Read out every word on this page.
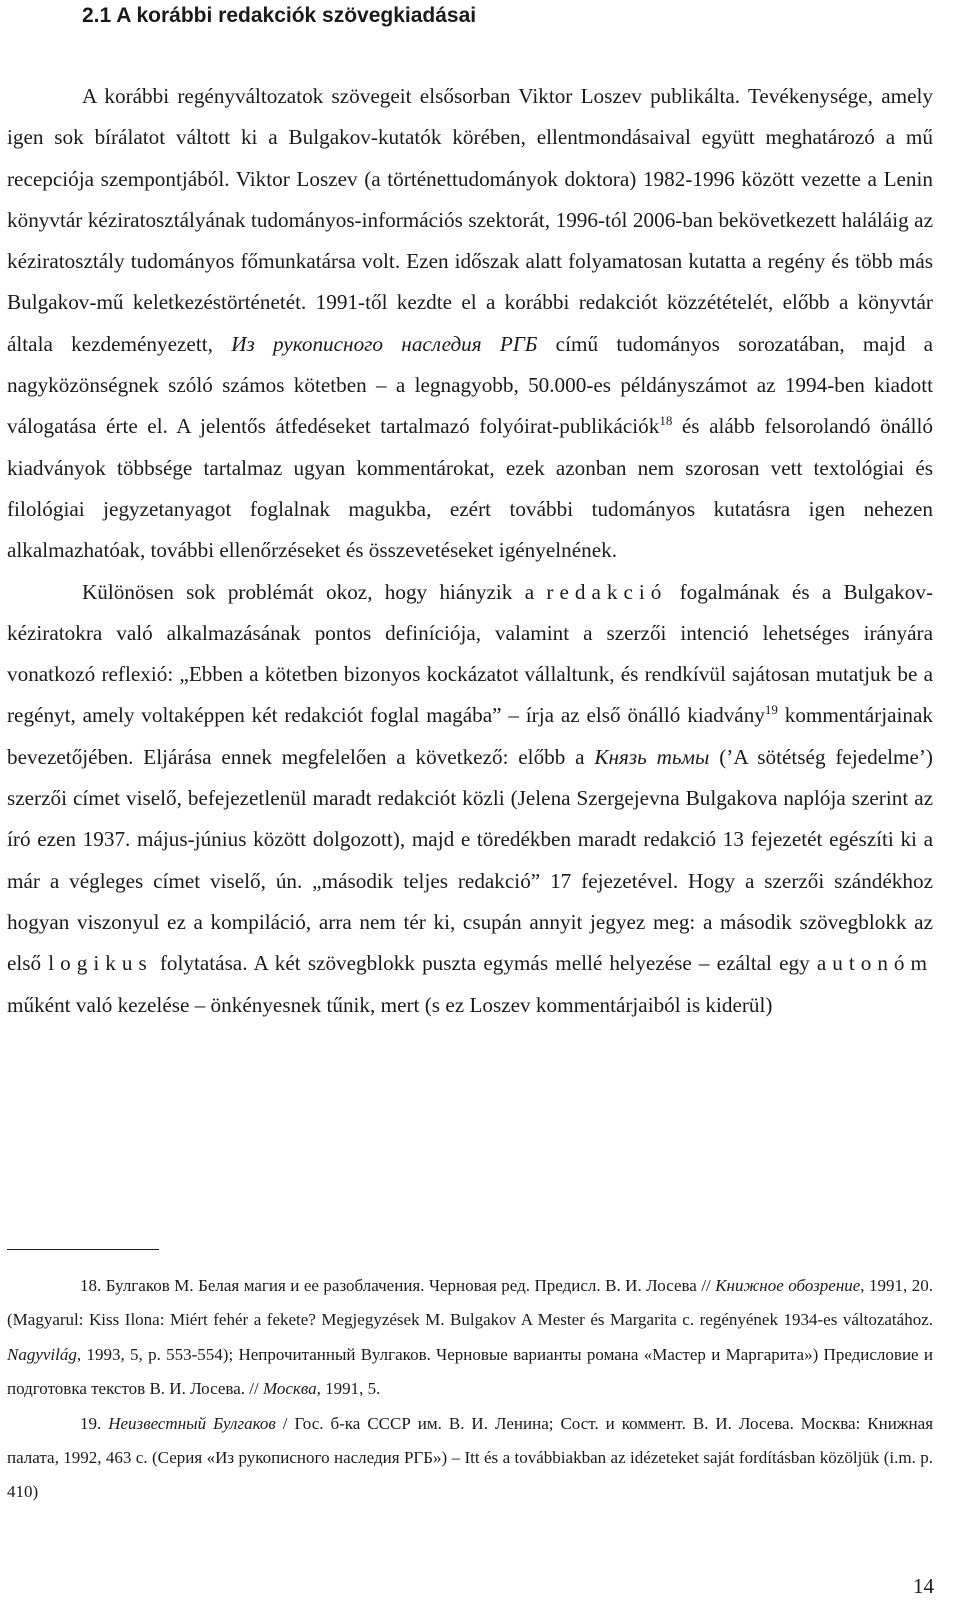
2.1 A korábbi redakciók szövegkiadásai

A korábbi regényváltozatok szövegeit elsősorban Viktor Loszev publikálta. Tevékenysége, amely igen sok bírálatot váltott ki a Bulgakov-kutatók körében, ellentmondásaival együtt meghatározó a mű recepciója szempontjából. Viktor Loszev (a történettudományok doktora) 1982-1996 között vezette a Lenin könyvtár kéziratosztályának tudományos-információs szektorát, 1996-tól 2006-ban bekövetkezett haláláig az kéziratosztály tudományos főmunkatársa volt. Ezen időszak alatt folyamatosan kutatta a regény és több más Bulgakov-mű keletkezéstörténetét. 1991-től kezdte el a korábbi redakciót közzétételét, előbb a könyvtár általa kezdeményezett, Из рукописного наследия РГБ című tudományos sorozatában, majd a nagyközönségnek szóló számos kötetben – a legnagyobb, 50.000-es példányszámot az 1994-ben kiadott válogatása érte el. A jelentős átfedéseket tartalmazó folyóirat-publikációk$^{18}$ és alább felsorolandó önálló kiadványok többsége tartalmaz ugyan kommentárokat, ezek azonban nem szorosan vett textológiai és filológiai jegyzetanyagot foglalnak magukba, ezért további tudományos kutatásra igen nehezen alkalmazhatóak, további ellenőrzéseket és összevetéseket igényelnének.

Különösen sok problémát okoz, hogy hiányzik a redakció fogalmának és a Bulgakov-kéziratokra való alkalmazásának pontos definíciója, valamint a szerzői intenció lehetséges irányára vonatkozó reflexió: „Ebben a kötetben bizonyos kockázatot vállaltunk, és rendkívül sajátosan mutatjuk be a regényt, amely voltaképpen két redakciót foglal magába” – írja az első önálló kiadvány$^{19}$ kommentárjainak bevezetőjében. Eljárása ennek megfelelően a következő: előbb a Князь тьмы (’A sötétség fejedelme’) szerzői címet viselő, befejezetlenül maradt redakciót közli (Jelena Szergejevna Bulgakova naplója szerint az író ezen 1937. május-június között dolgozott), majd e töredékben maradt redakció 13 fejezetét egészíti ki a már a végleges címet viselő, ún. „második teljes redakció” 17 fejezetével. Hogy a szerzői szándékhoz hogyan viszonyul ez a kompiláció, arra nem tér ki, csupán annyit jegyez meg: a második szövegblokk az első logikus folytatása. A két szövegblokk puszta egymás mellé helyezése – ezáltal egy autonóm műként való kezelése – önkényesnek tűnik, mert (s ez Loszev kommentárjaiból is kiderül)

18. Булгаков М. Белая магия и ее разоблачения. Черновая ред. Предисл. В. И. Лосева // Книжное обозрение, 1991, 20. (Magyarul: Kiss Ilona: Miért fehér a fekete? Megjegyzések M. Bulgakov A Mester és Margarita c. regényének 1934-es változatához. Nagyvilág, 1993, 5, p. 553-554); Непрочитанный Вулгаков. Черновые варианты романа «Мастер и Маргарита») Предисловие и подготовка текстов В. И. Лосева. // Москва, 1991, 5.

19. Неизвестный Булгаков / Гос. б-ка СССР им. В. И. Ленина; Сост. и коммент. В. И. Лосева. Москва: Книжная палата, 1992, 463 с. (Серия «Из рукописного наследия РГБ») – Itt és a továbbiakban az idézeteket saját fordításban közöljük (i.m. p. 410)

14
